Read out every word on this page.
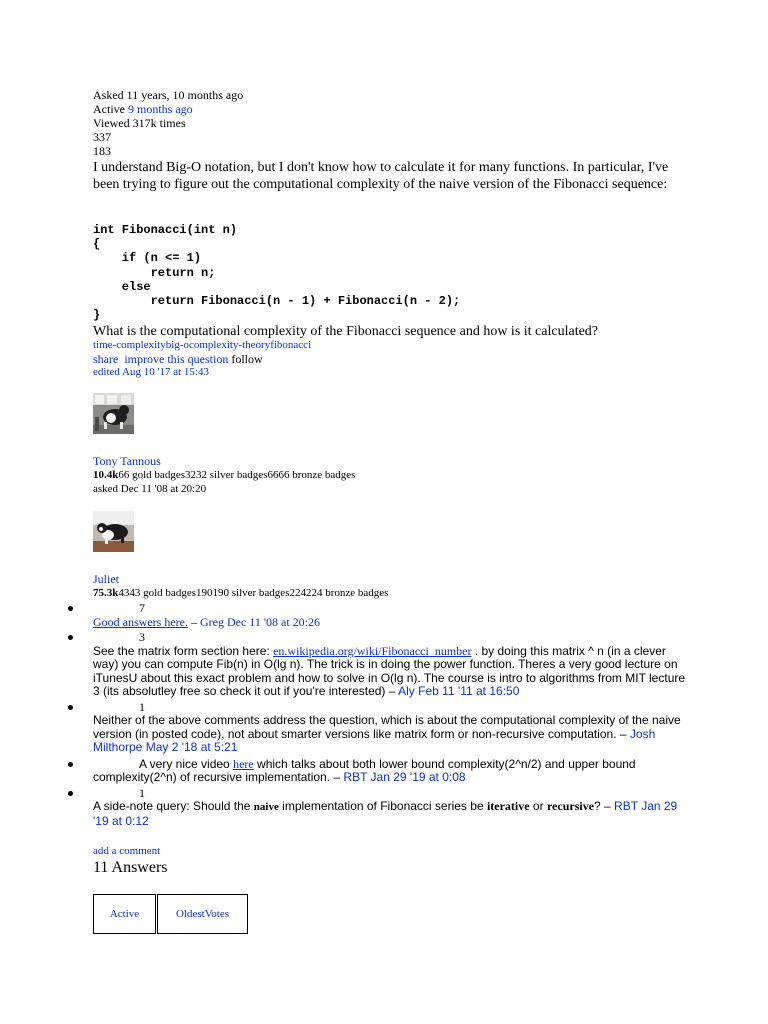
Asked 11 years, 10 months ago
Active 9 months ago
Viewed 317k times
337
183
I understand Big-O notation, but I don't know how to calculate it for many functions. In particular, I've been trying to figure out the computational complexity of the naive version of the Fibonacci sequence:
int Fibonacci(int n)
{
if (n <= 1)
return n;
else
return Fibonacci(n - 1) + Fibonacci(n - 2);
}
What is the computational complexity of the Fibonacci sequence and how is it calculated?
time-complexitybig-ocomplexity-theoryfibonacci
share improve this question follow
edited Aug 10 '17 at 15:43
Tony Tannous
10.4k66 gold badges3232 silver badges6666 bronze badges
asked Dec 11 '08 at 20:20
Juliet
75.3k4343 gold badges190190 silver badges224224 bronze badges
7
Good answers here. – Greg Dec 11 '08 at 20:26
3
See the matrix form section here: en.wikipedia.org/wiki/Fibonacci_number . by doing this matrix ^ n (in a clever way) you can compute Fib(n) in O(lg n). The trick is in doing the power function. Theres a very good lecture on iTunesU about this exact problem and how to solve in O(lg n). The course is intro to algorithms from MIT lecture 3 (its absolutley free so check it out if you're interested) – Aly Feb 11 '11 at 16:50
1
Neither of the above comments address the question, which is about the computational complexity of the naive version (in posted code), not about smarter versions like matrix form or non-recursive computation. – Josh Milthorpe May 2 '18 at 5:21
A very nice video here which talks about both lower bound complexity(2^n/2) and upper bound complexity(2^n) of recursive implementation. – RBT Jan 29 '19 at 0:08
1
A side-note query: Should the naive implementation of Fibonacci series be iterative or recursive? – RBT Jan 29 '19 at 0:12
add a comment
11 Answers
Active	Oldest Votes
